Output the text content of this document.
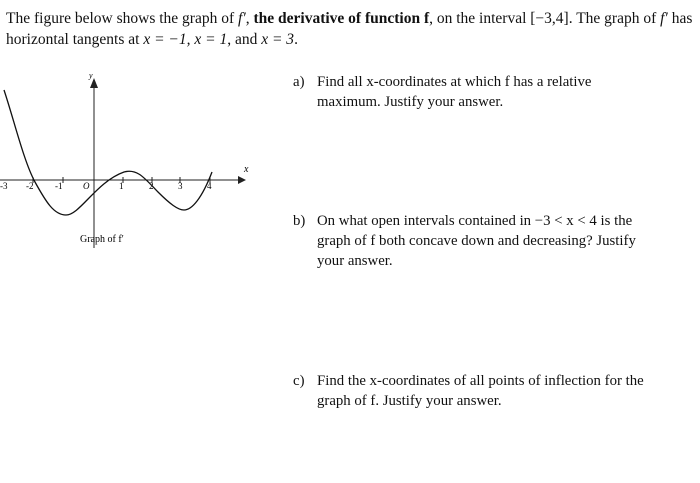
The figure below shows the graph of f′, the derivative of function f, on the interval [−3,4]. The graph of f′ has horizontal tangents at x = −1, x = 1, and x = 3.
x
y
-3 -2 -1 O	1	2	3	4
Graph of f′
a) Find all x-coordinates at which f has a relative
maximum. Justify your answer.
b) On what open intervals contained in −3 < x < 4 is the
graph of f both concave down and decreasing? Justify
your answer.
c) Find the x-coordinates of all points of inflection for the
graph of f. Justify your answer.
